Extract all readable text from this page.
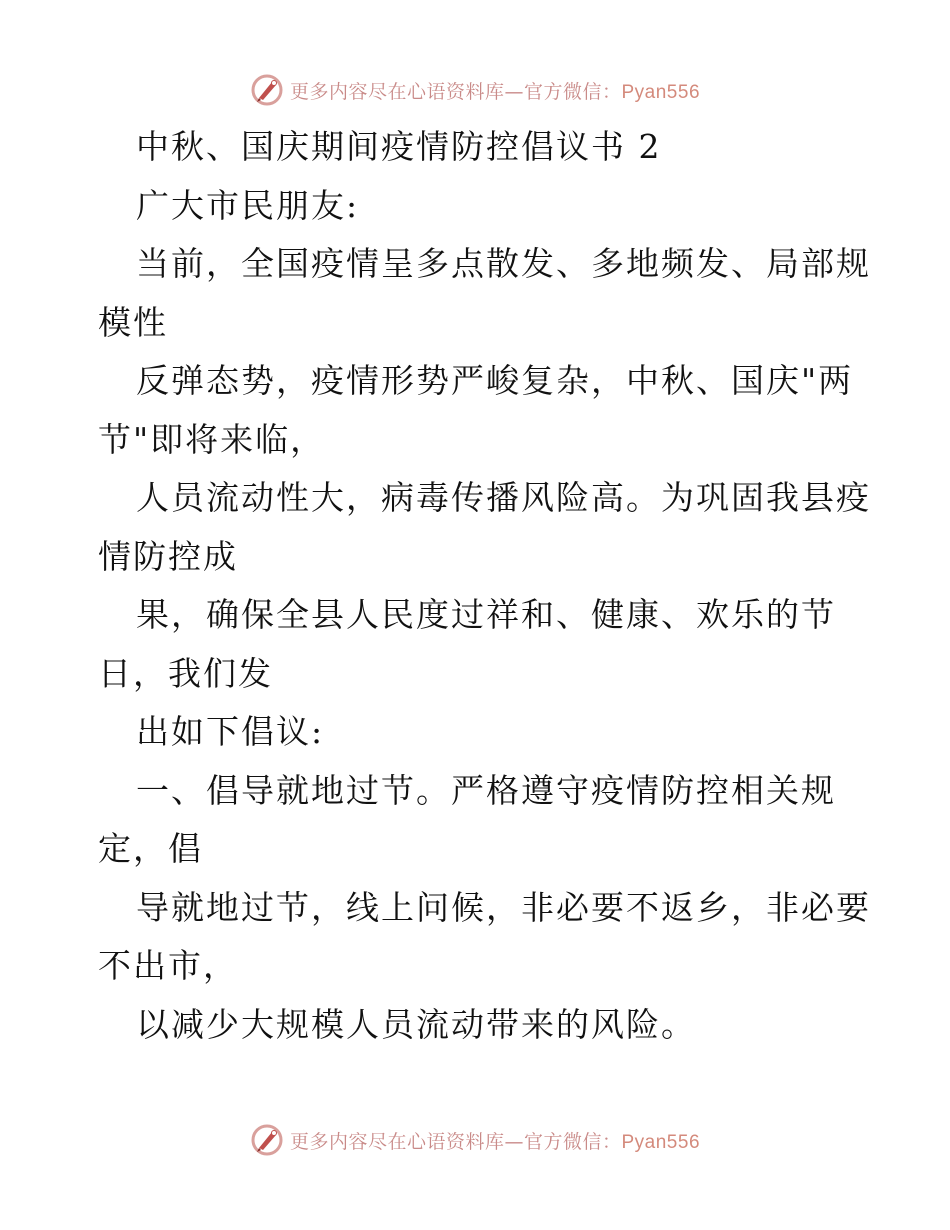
更多内容尽在心语资料库—官方微信：Pyan556
中秋、国庆期间疫情防控倡议书 2
广大市民朋友:
当前，全国疫情呈多点散发、多地频发、局部规
模性
反弹态势，疫情形势严峻复杂，中秋、国庆"两
节"即将来临，
人员流动性大，病毒传播风险高。为巩固我县疫
情防控成
果，确保全县人民度过祥和、健康、欢乐的节
日，我们发
出如下倡议:
一、倡导就地过节。严格遵守疫情防控相关规
定，倡
导就地过节，线上问候，非必要不返乡，非必要
不出市，
以减少大规模人员流动带来的风险。
更多内容尽在心语资料库—官方微信：Pyan556
